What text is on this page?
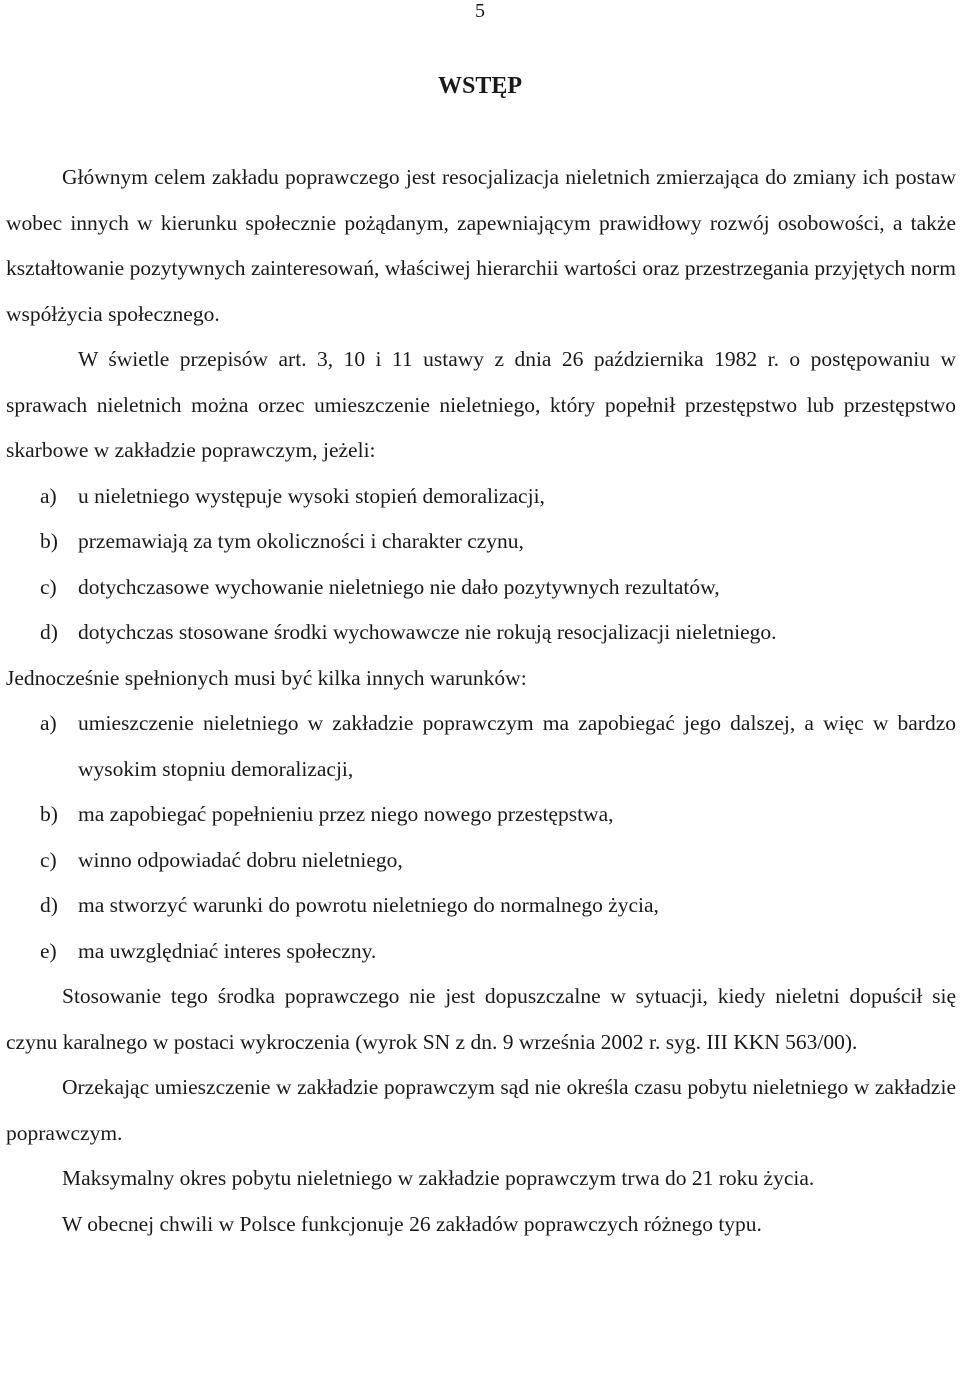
5
WSTĘP

Głównym celem zakładu poprawczego jest resocjalizacja nieletnich zmierzająca do zmiany ich postaw wobec innych w kierunku społecznie pożądanym, zapewniającym prawidłowy rozwój osobowości, a także kształtowanie pozytywnych zainteresowań, właściwej hierarchii wartości oraz przestrzegania przyjętych norm współżycia społecznego.

W świetle przepisów art. 3, 10 i 11 ustawy z dnia 26 października 1982 r. o postępowaniu w sprawach nieletnich można orzec umieszczenie nieletniego, który popełnił przestępstwo lub przestępstwo skarbowe w zakładzie poprawczym, jeżeli:

a) u nieletniego występuje wysoki stopień demoralizacji,
b) przemawiają za tym okoliczności i charakter czynu,
c) dotychczasowe wychowanie nieletniego nie dało pozytywnych rezultatów,
d) dotychczas stosowane środki wychowawcze nie rokują resocjalizacji nieletniego.

Jednocześnie spełnionych musi być kilka innych warunków:

a) umieszczenie nieletniego w zakładzie poprawczym ma zapobiegać jego dalszej, a więc w bardzo wysokim stopniu demoralizacji,
b) ma zapobiegać popełnieniu przez niego nowego przestępstwa,
c) winno odpowiadać dobru nieletniego,
d) ma stworzyć warunki do powrotu nieletniego do normalnego życia,
e) ma uwzględniać interes społeczny.

Stosowanie tego środka poprawczego nie jest dopuszczalne w sytuacji, kiedy nieletni dopuścił się czynu karalnego w postaci wykroczenia (wyrok SN z dn. 9 września 2002 r. syg. III KKN 563/00).

Orzekając umieszczenie w zakładzie poprawczym sąd nie określa czasu pobytu nieletniego w zakładzie poprawczym.

Maksymalny okres pobytu nieletniego w zakładzie poprawczym trwa do 21 roku życia.

W obecnej chwili w Polsce funkcjonuje 26 zakładów poprawczych różnego typu.
